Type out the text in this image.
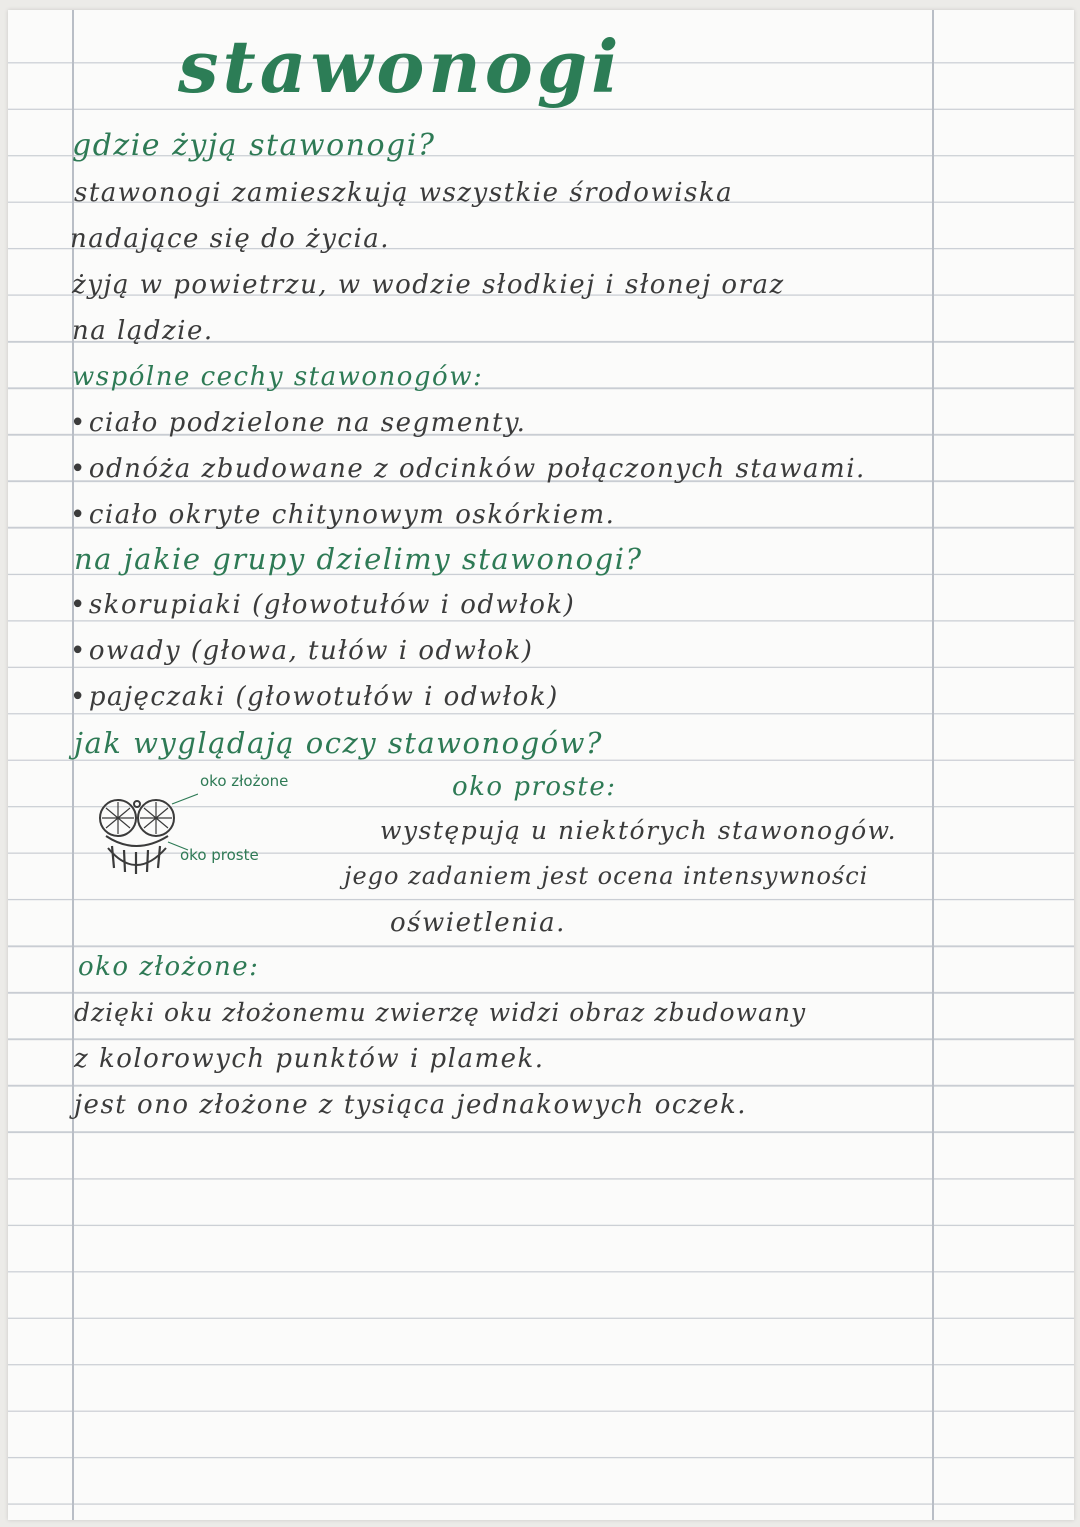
stawonogi
gdzie żyją stawonogi?
stawonogi zamieszkują wszystkie środowiska
nadające się do życia.
żyją w powietrzu, w wodzie słodkiej i słonej oraz
na lądzie.
wspólne cechy stawonogów:
• ciało podzielone na segmenty.
• odnóża zbudowane z odcinków połączonych stawami.
• ciało okryte chitynowym oskórkiem.
na jakie grupy dzielimy stawonogi?
• skorupiaki (głowotułów i odwłok)
• owady (głowa, tułów i odwłok)
• pajęczaki (głowotułów i odwłok)
jak wyglądają oczy stawonogów?
oko złożone
oko proste
oko proste:
występują u niektórych stawonogów.
jego zadaniem jest ocena intensywności
oświetlenia.
oko złożone:
dzięki oku złożonemu zwierzę widzi obraz zbudowany
z kolorowych punktów i plamek.
jest ono złożone z tysiąca jednakowych oczek.
